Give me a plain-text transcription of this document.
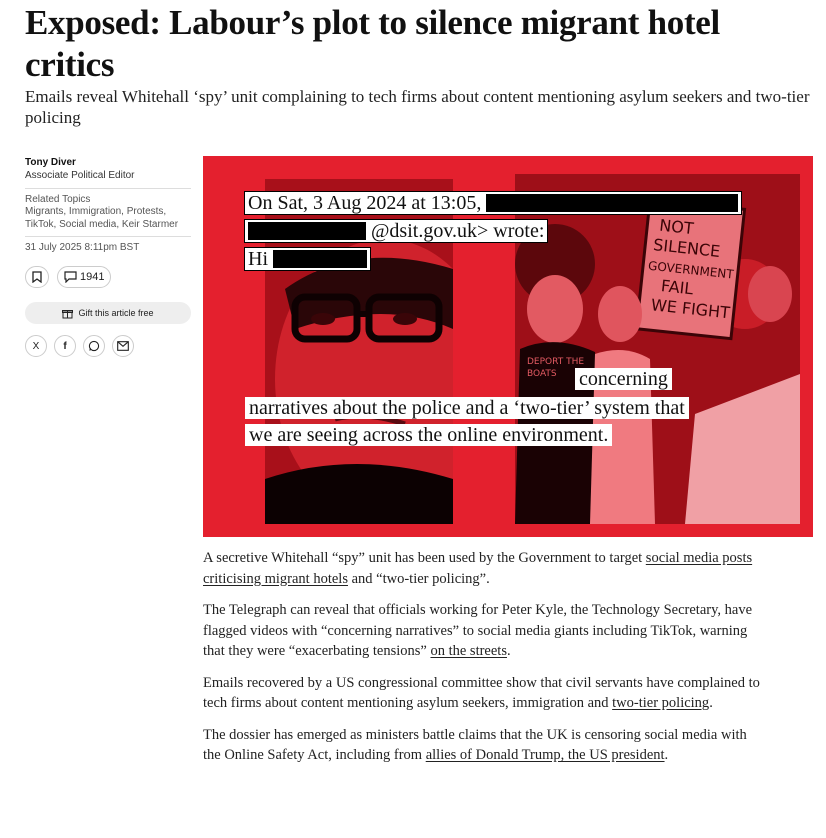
Exposed: Labour’s plot to silence migrant hotel critics

Emails reveal Whitehall ‘spy’ unit complaining to tech firms about content mentioning asylum seekers and two-tier policing

Tony Diver
Associate Political Editor
Related Topics
Migrants, Immigration, Protests,
TikTok, Social media, Keir Starmer
31 July 2025 8:11pm BST
1941
Gift this article free
X f
NOT
SILENCE
GOVERNMENT
FAIL
WE FIGHT
DEPORT THE
BOATS
On Sat, 3 Aug 2024 at 13:05,
@dsit.gov.uk> wrote:
Hi
concerning
narratives about the police and a ‘two-tier’ system that
we are seeing across the online environment.

A secretive Whitehall “spy” unit has been used by the Government to target social media posts criticising migrant hotels and “two-tier policing”.

The Telegraph can reveal that officials working for Peter Kyle, the Technology Secretary, have flagged videos with “concerning narratives” to social media giants including TikTok, warning that they were “exacerbating tensions” on the streets.

Emails recovered by a US congressional committee show that civil servants have complained to tech firms about content mentioning asylum seekers, immigration and two-tier policing.

The dossier has emerged as ministers battle claims that the UK is censoring social media with the Online Safety Act, including from allies of Donald Trump, the US president.
